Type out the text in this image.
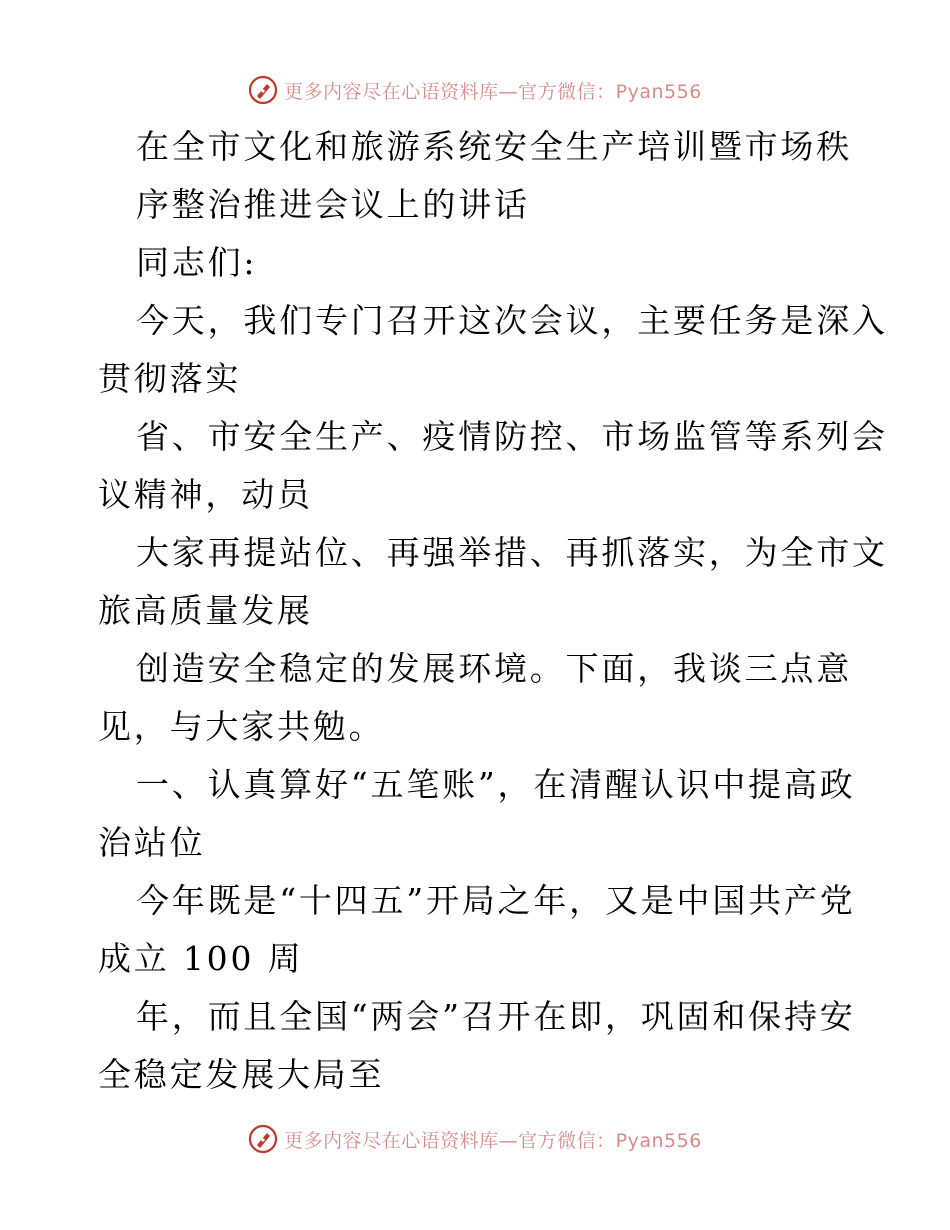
更多内容尽在心语资料库—官方微信：Pyan556
在全市文化和旅游系统安全生产培训暨市场秩
序整治推进会议上的讲话
同志们:
今天，我们专门召开这次会议，主要任务是深入
贯彻落实
省、市安全生产、疫情防控、市场监管等系列会
议精神，动员
大家再提站位、再强举措、再抓落实，为全市文
旅高质量发展
创造安全稳定的发展环境。下面，我谈三点意
见，与大家共勉。
一、认真算好“五笔账”，在清醒认识中提高政
治站位
今年既是“十四五”开局之年，又是中国共产党
成立 100 周
年，而且全国“两会”召开在即，巩固和保持安
全稳定发展大局至
更多内容尽在心语资料库—官方微信：Pyan556
